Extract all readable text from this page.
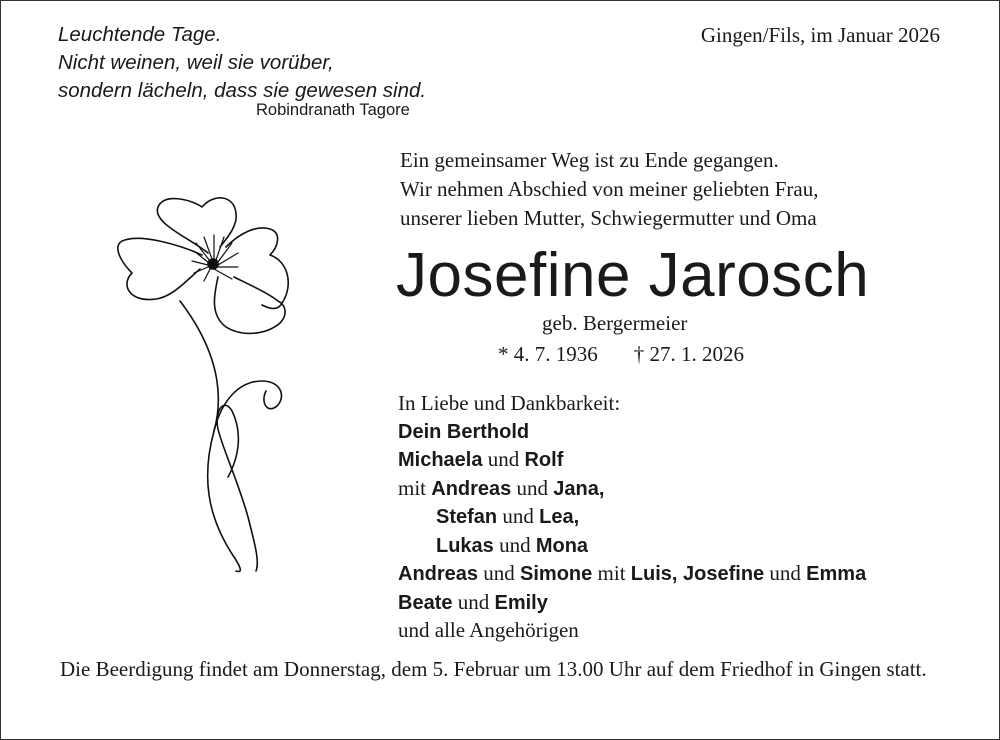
Leuchtende Tage.
Nicht weinen, weil sie vorüber,
sondern lächeln, dass sie gewesen sind.
Robindranath Tagore
Gingen/Fils, im Januar 2026
Ein gemeinsamer Weg ist zu Ende gegangen.
Wir nehmen Abschied von meiner geliebten Frau,
unserer lieben Mutter, Schwiegermutter und Oma
Josefine Jarosch
geb. Bergermeier
* 4. 7. 1936 † 27. 1. 2026
In Liebe und Dankbarkeit:
Dein Berthold
Michaela und Rolf
mit Andreas und Jana,
Stefan und Lea,
Lukas und Mona
Andreas und Simone mit Luis, Josefine und Emma
Beate und Emily
und alle Angehörigen
Die Beerdigung findet am Donnerstag, dem 5. Februar um 13.00 Uhr auf dem Friedhof in Gingen statt.
